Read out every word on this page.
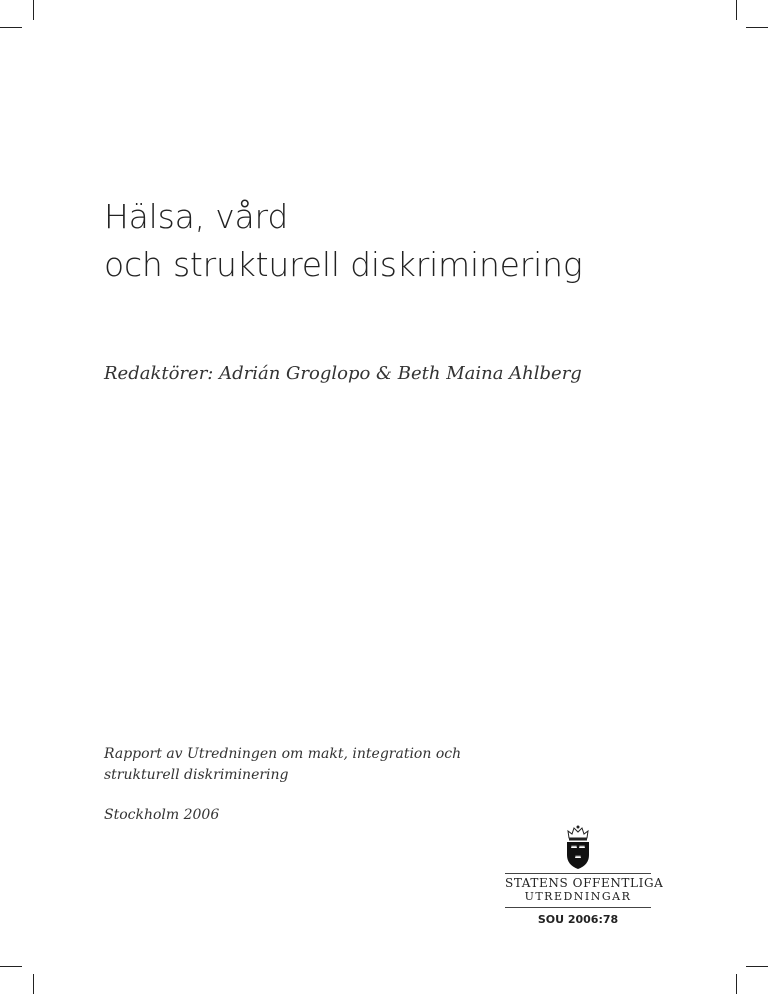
Hälsa, vård
och strukturell diskriminering
Redaktörer: Adrián Groglopo & Beth Maina Ahlberg
Rapport av Utredningen om makt, integration och
strukturell diskriminering
Stockholm 2006
STATENS OFFENTLIGA
UTREDNINGAR
SOU 2006:78
